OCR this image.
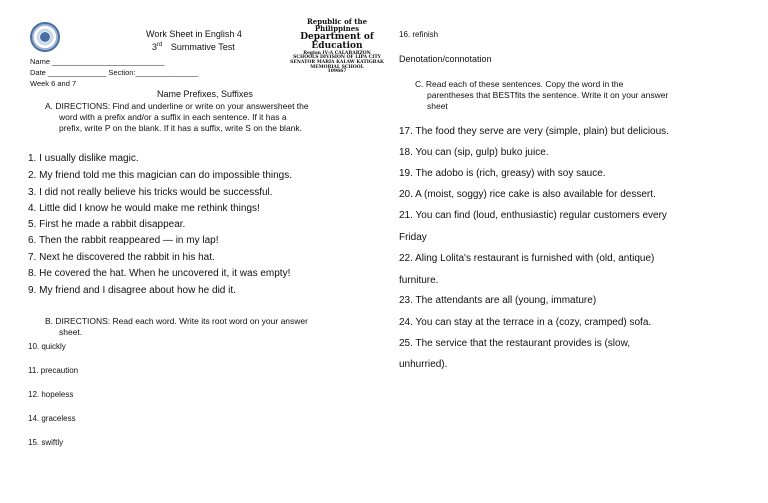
Work Sheet in English 4
3rd Summative Test
Republic of the Philippines
Department of Education
Region IV-A CALABARZON
SCHOOLS DIVISION OF LIPA CITY
SENATOR MARIA KALAW KATIGBAK
MEMORIAL SCHOOL
109667
Name ___________________________
Date ______________ Section:_______________
Week 6 and 7
Name Prefixes, Suffixes
A. DIRECTIONS: Find and underline or write on your answersheet the
word with a prefix and/or a suffix in each sentence. If it has a
prefix, write P on the blank. If it has a suffix, write S on the blank.
1. I usually dislike magic.
2. My friend told me this magician can do impossible things.
3. I did not really believe his tricks would be successful.
4. Little did I know he would make me rethink things!
5. First he made a rabbit disappear.
6. Then the rabbit reappeared — in my lap!
7. Next he discovered the rabbit in his hat.
8. He covered the hat. When he uncovered it, it was empty!
9. My friend and I disagree about how he did it.
B. DIRECTIONS: Read each word. Write its root word on your answer
sheet.
10. quickly
11. precaution
12. hopeless
14. graceless
15. swiftly
16. refinish
Denotation/connotation
C. Read each of these sentences. Copy the word in the
parentheses that BESTfits the sentence. Write it on your answer
sheet
17. The food they serve are very (simple, plain) but delicious.
18. You can (sip, gulp) buko juice.
19. The adobo is (rich, greasy) with soy sauce.
20. A (moist, soggy) rice cake is also available for dessert.
21. You can find (loud, enthusiastic) regular customers every
Friday
22. Aling Lolita's restaurant is furnished with (old, antique)
furniture.
23. The attendants are all (young, immature)
24. You can stay at the terrace in a (cozy, cramped) sofa.
25. The service that the restaurant provides is (slow,
unhurried).
